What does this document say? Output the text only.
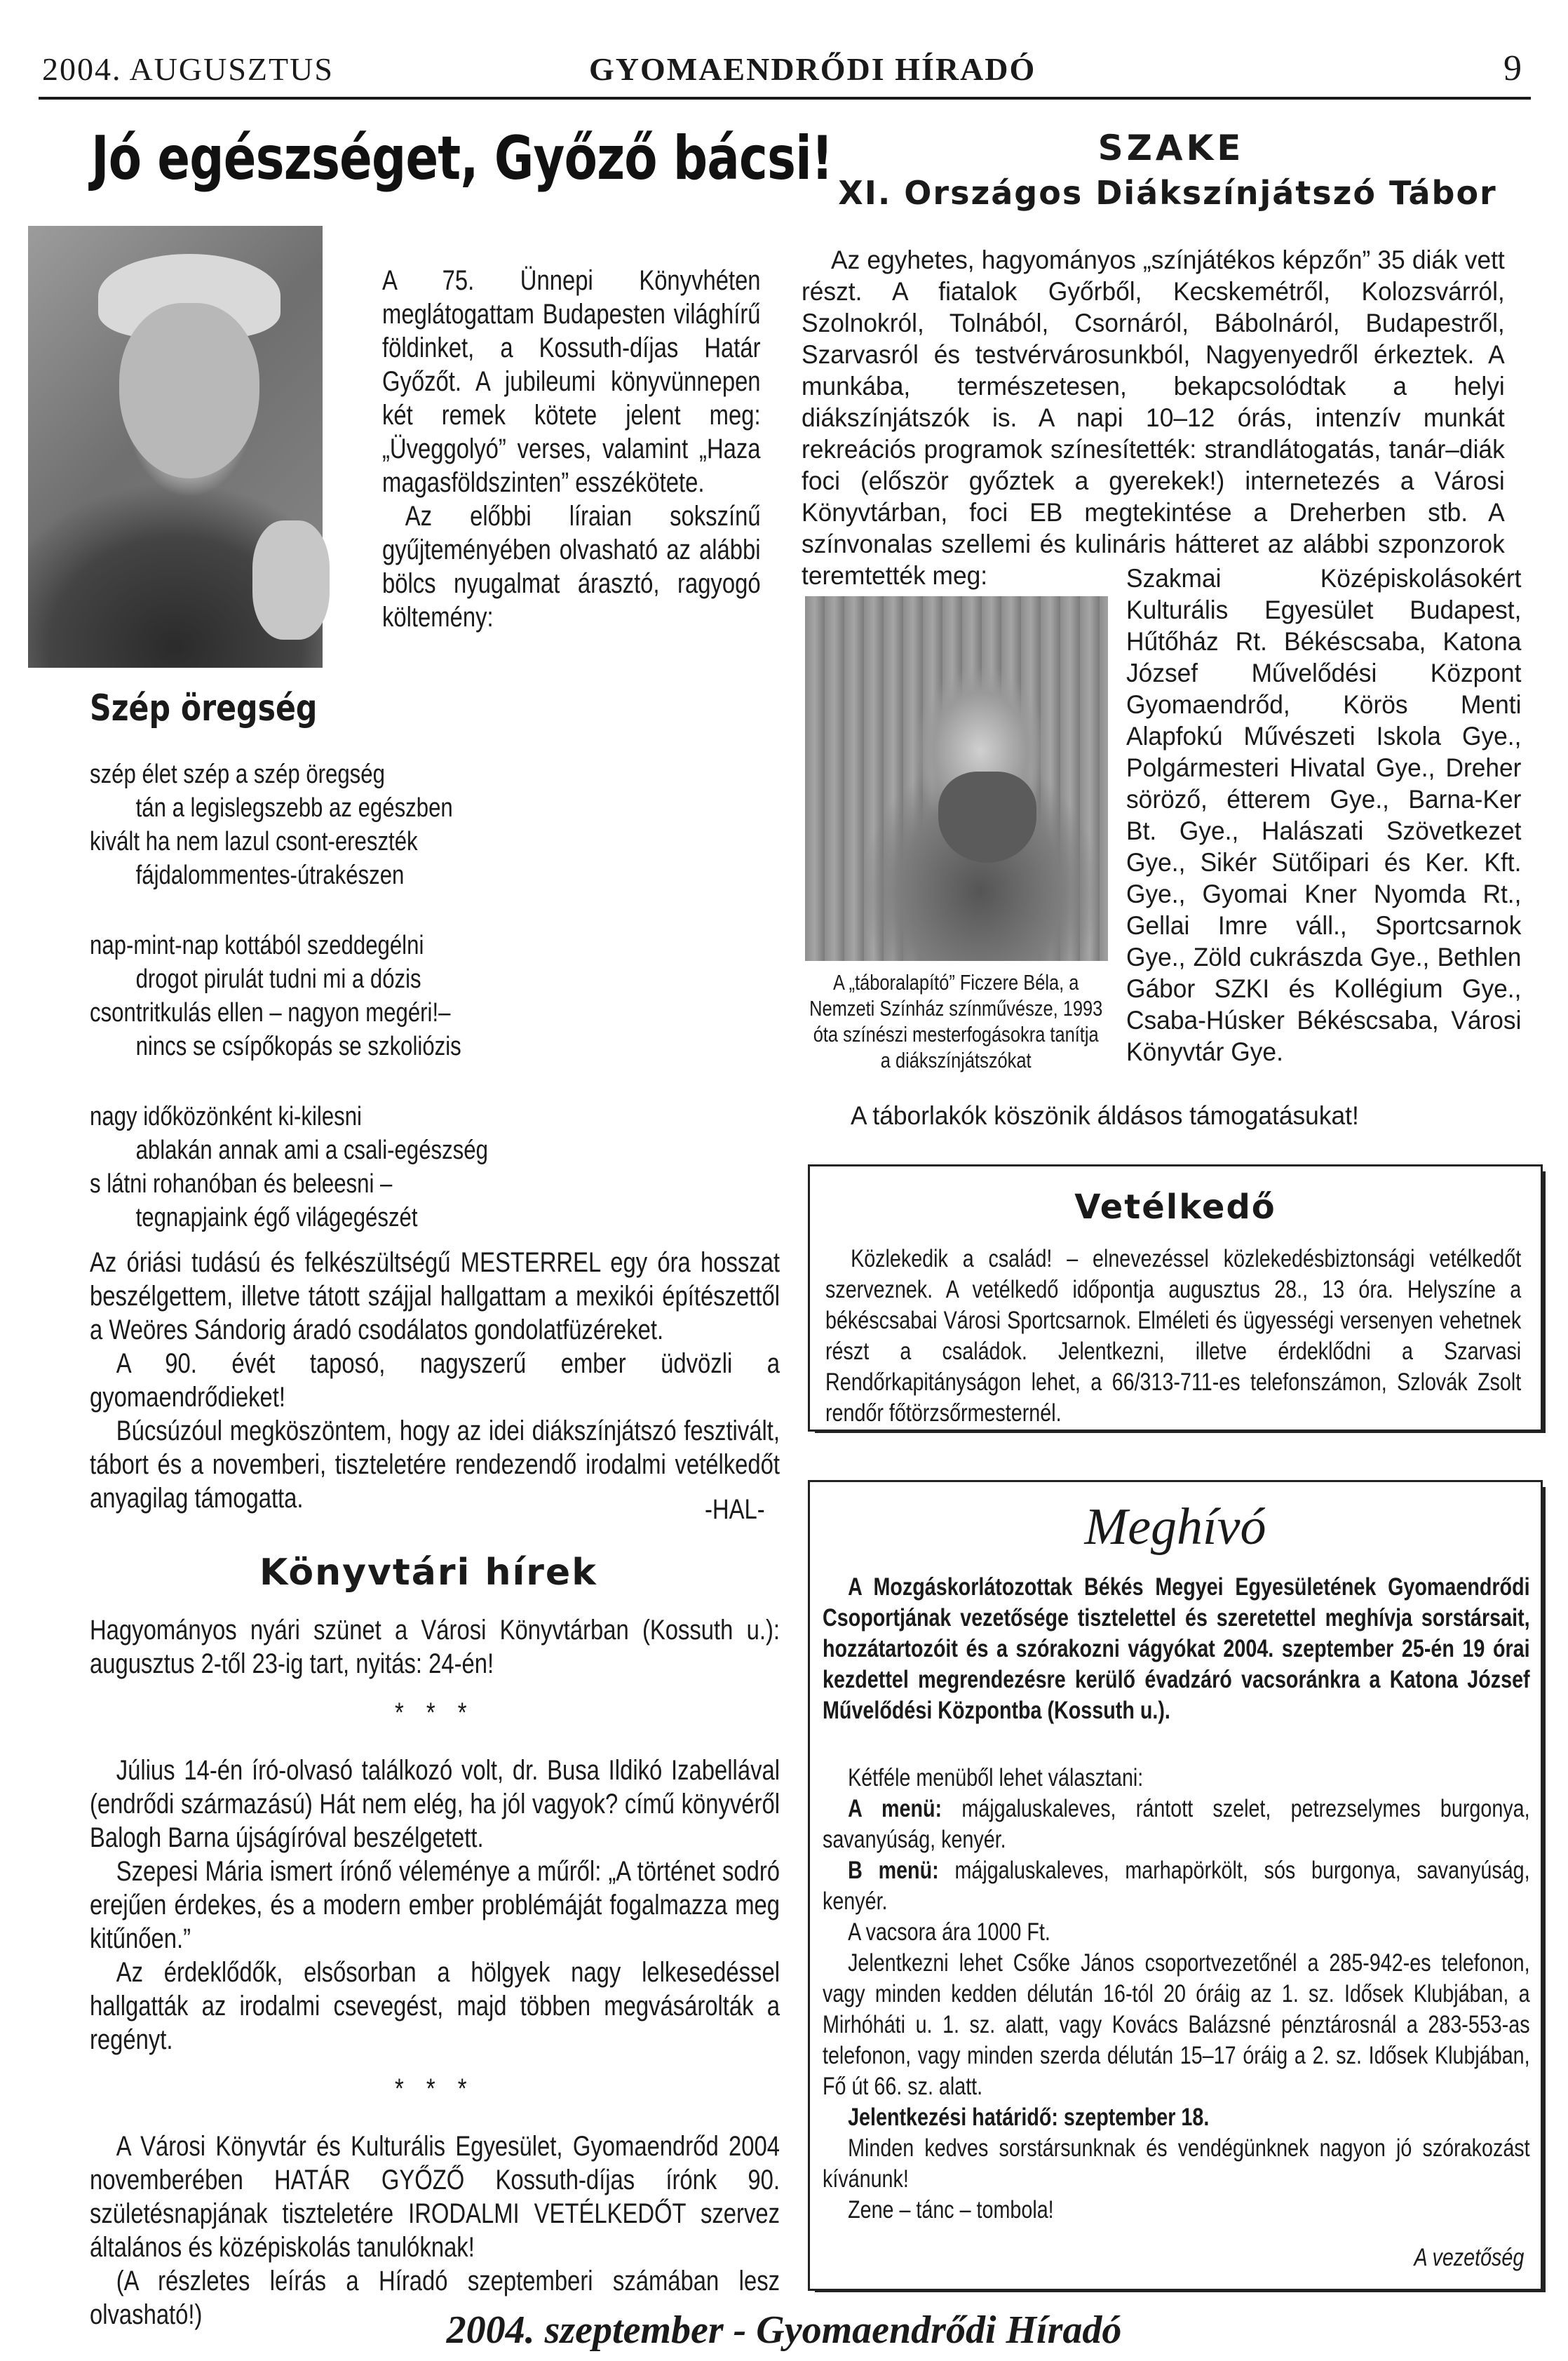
2004. AUGUSZTUS	GYOMAENDRŐDI HÍRADÓ	9
Jó egészséget, Győző bácsi!

A 75. Ünnepi Könyvhéten meglátogattam Budapesten világhírű földinket, a Kossuth-díjas Határ Győzőt. A jubileumi könyvünnepen két remek kötete jelent meg: „Üveggolyó” verses, valamint „Haza magasföldszinten” esszékötete.

Az előbbi líraian sokszínű gyűjteményében olvasható az alábbi bölcs nyugalmat árasztó, ragyogó költemény:

Szép öregség
szép élet szép a szép öregség
tán a legislegszebb az egészben
kivált ha nem lazul csont-ereszték
fájdalommentes-útrakészen
nap-mint-nap kottából szeddegélni
drogot pirulát tudni mi a dózis
csontritkulás ellen – nagyon megéri!–
nincs se csípőkopás se szkoliózis
nagy időközönként ki-kilesni
ablakán annak ami a csali-egészség
s látni rohanóban és beleesni –
tegnapjaink égő világegészét

Az óriási tudású és felkészültségű MESTERREL egy óra hosszat beszélgettem, illetve tátott szájjal hallgattam a mexikói építészettől a Weöres Sándorig áradó csodálatos gondolatfüzéreket.

A 90. évét taposó, nagyszerű ember üdvözli a gyomaendrődieket!

Búcsúzóul megköszöntem, hogy az idei diákszínjátszó fesztivált, tábort és a novemberi, tiszteletére rendezendő irodalmi vetélkedőt anyagilag támogatta.	-HAL-
Könyvtári hírek

Hagyományos nyári szünet a Városi Könyvtárban (Kossuth u.): augusztus 2-től 23-ig tart, nyitás: 24-én!

* * *

Július 14-én író-olvasó találkozó volt, dr. Busa Ildikó Izabellával (endrődi származású) Hát nem elég, ha jól vagyok? című könyvéről Balogh Barna újságíróval beszélgetett.

Szepesi Mária ismert írónő véleménye a műről: „A történet sodró erejűen érdekes, és a modern ember problémáját fogalmazza meg kitűnően.”

Az érdeklődők, elsősorban a hölgyek nagy lelkesedéssel hallgatták az irodalmi csevegést, majd többen megvásárolták a regényt.

* * *

A Városi Könyvtár és Kulturális Egyesület, Gyomaendrőd 2004 novemberében HATÁR GYŐZŐ Kossuth-díjas írónk 90. születésnapjának tiszteletére IRODALMI VETÉLKEDŐT szervez általános és középiskolás tanulóknak!

(A részletes leírás a Híradó szeptemberi számában lesz olvasható!)

SZAKE
XI. Országos Diákszínjátszó Tábor

Az egyhetes, hagyományos „színjátékos képzőn” 35 diák vett részt. A fiatalok Győrből, Kecskemétről, Kolozsvárról, Szolnokról, Tolnából, Csornáról, Bábolnáról, Budapestről, Szarvasról és testvérvárosunkból, Nagyenyedről érkeztek. A munkába, természetesen, bekapcsolódtak a helyi diákszínjátszók is. A napi 10–12 órás, intenzív munkát rekreációs programok színesítették: strandlátogatás, tanár–diák foci (először győztek a gyerekek!) internetezés a Városi Könyvtárban, foci EB megtekintése a Dreherben stb. A színvonalas szellemi és kulináris hátteret az alábbi szponzorok teremtették meg:

A „táboralapító” Ficzere Béla, a Nemzeti Színház színművésze, 1993 óta színészi mesterfogásokra tanítja a diákszínjátszókat
Szakmai Középiskolásokért Kulturális Egyesület Budapest, Hűtőház Rt. Békéscsaba, Katona József Művelődési Központ Gyomaendrőd, Körös Menti Alapfokú Művészeti Iskola Gye., Polgármesteri Hivatal Gye., Dreher söröző, étterem Gye., Barna-Ker Bt. Gye., Halászati Szövetkezet Gye., Sikér Sütőipari és Ker. Kft. Gye., Gyomai Kner Nyomda Rt., Gellai Imre váll., Sportcsarnok Gye., Zöld cukrászda Gye., Bethlen Gábor SZKI és Kollégium Gye., Csaba-Húsker Békéscsaba, Városi Könyvtár Gye.
A táborlakók köszönik áldásos támogatásukat!
Vetélkedő

Közlekedik a család! – elnevezéssel közlekedésbiztonsági vetélkedőt szerveznek. A vetélkedő időpontja augusztus 28., 13 óra. Helyszíne a békéscsabai Városi Sportcsarnok. Elméleti és ügyességi versenyen vehetnek részt a családok. Jelentkezni, illetve érdeklődni a Szarvasi Rendőrkapitányságon lehet, a 66/313-711-es telefonszámon, Szlovák Zsolt rendőr főtörzsőrmesternél.

Meghívó

A Mozgáskorlátozottak Békés Megyei Egyesületének Gyomaendrődi Csoportjának vezetősége tisztelettel és szeretettel meghívja sorstársait, hozzátartozóit és a szórakozni vágyókat 2004. szeptember 25-én 19 órai kezdettel megrendezésre kerülő évadzáró vacsoránkra a Katona József Művelődési Központba (Kossuth u.).

Kétféle menüből lehet választani:

A menü: májgaluskaleves, rántott szelet, petrezselymes burgonya, savanyúság, kenyér.

B menü: májgaluskaleves, marhapörkölt, sós burgonya, savanyúság, kenyér.

A vacsora ára 1000 Ft.

Jelentkezni lehet Csőke János csoportvezetőnél a 285-942-es telefonon, vagy minden kedden délután 16-tól 20 óráig az 1. sz. Idősek Klubjában, a Mirhóháti u. 1. sz. alatt, vagy Kovács Balázsné pénztárosnál a 283-553-as telefonon, vagy minden szerda délután 15–17 óráig a 2. sz. Idősek Klubjában, Fő út 66. sz. alatt.

Jelentkezési határidő: szeptember 18.

Minden kedves sorstársunknak és vendégünknek nagyon jó szórakozást kívánunk!

Zene – tánc – tombola!

A vezetőség
2004. szeptember - Gyomaendrődi Híradó
